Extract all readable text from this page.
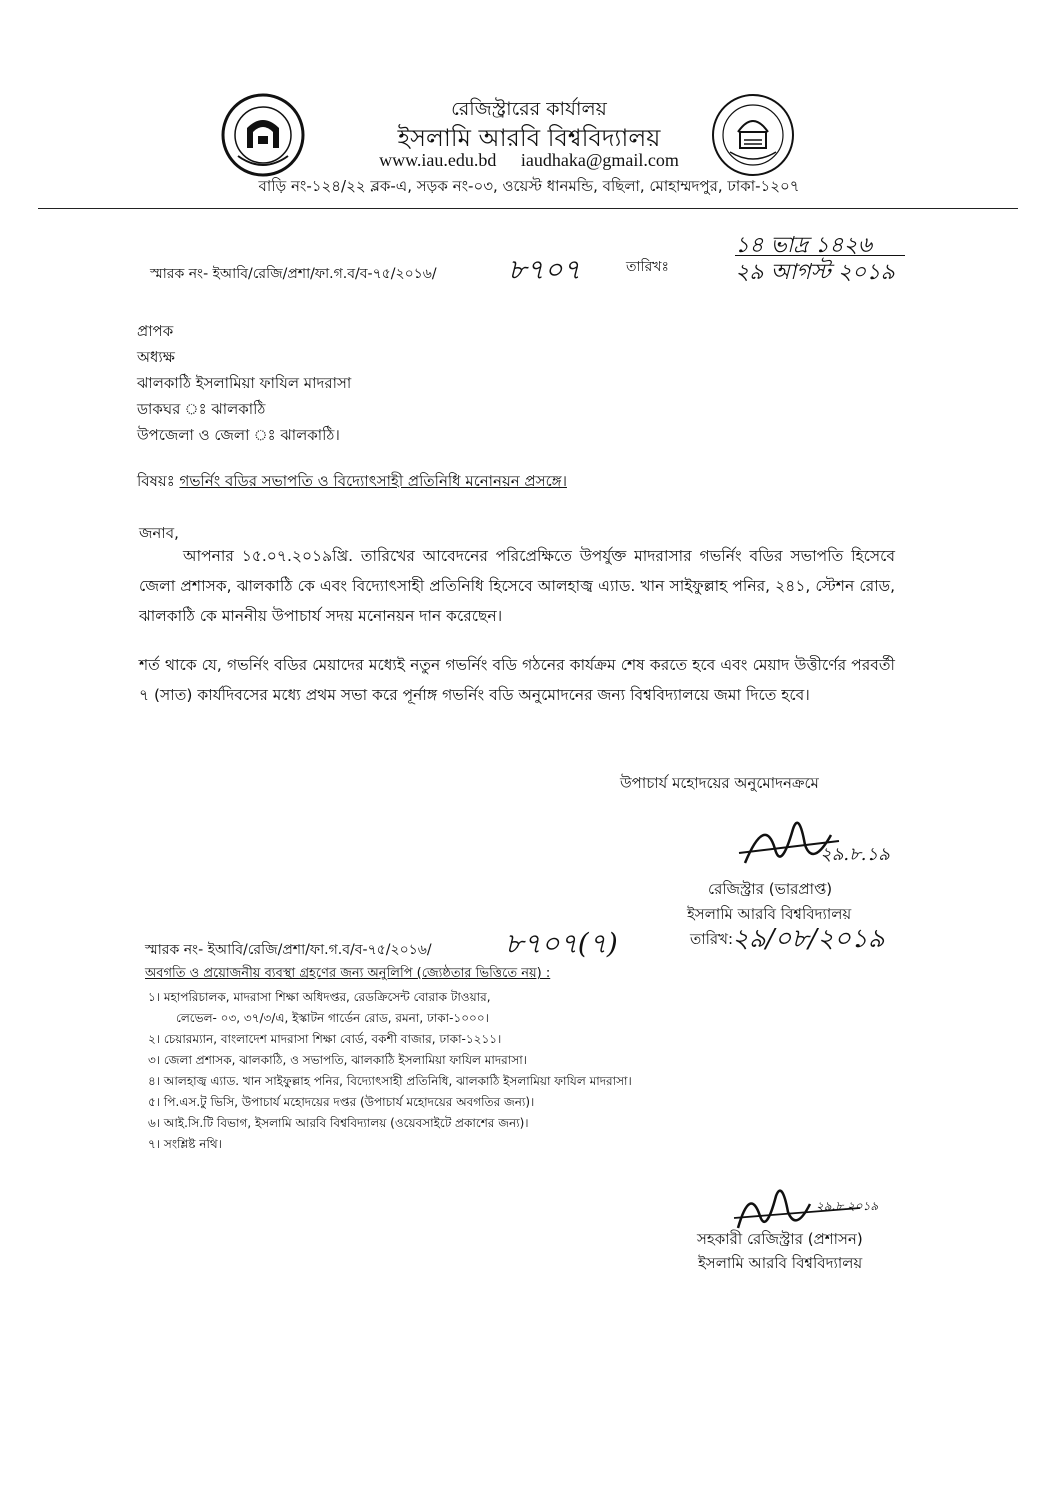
রেজিস্ট্রারের কার্যালয়
ইসলামি আরবি বিশ্ববিদ্যালয়
www.iau.edu.bd iaudhaka@gmail.com
বাড়ি নং-১২৪/২২ ব্লক-এ, সড়ক নং-০৩, ওয়েস্ট ধানমন্ডি, বছিলা, মোহাম্মদপুর, ঢাকা-১২০৭
স্মারক নং- ইআবি/রেজি/প্রশা/ফা.গ.ব/ব-৭৫/২০১৬/	৮৭০৭	তারিখঃ
১৪ ভাদ্র ১৪২৬
২৯ আগস্ট ২০১৯
প্রাপক
অধ্যক্ষ
ঝালকাঠি ইসলামিয়া ফাযিল মাদরাসা
ডাকঘর ঃ ঝালকাঠি
উপজেলা ও জেলা ঃ ঝালকাঠি।
বিষয়ঃ গভর্নিং বডির সভাপতি ও বিদ্যোৎসাহী প্রতিনিধি মনোনয়ন প্রসঙ্গে।
জনাব,
আপনার ১৫.০৭.২০১৯খ্রি. তারিখের আবেদনের পরিপ্রেক্ষিতে উপর্যুক্ত মাদরাসার গভর্নিং বডির সভাপতি হিসেবে জেলা প্রশাসক, ঝালকাঠি কে এবং বিদ্যোৎসাহী প্রতিনিধি হিসেবে আলহাজ্ব এ্যাড. খান সাইফুল্লাহ পনির, ২৪১, স্টেশন রোড, ঝালকাঠি কে মাননীয় উপাচার্য সদয় মনোনয়ন দান করেছেন।
শর্ত থাকে যে, গভর্নিং বডির মেয়াদের মধ্যেই নতুন গভর্নিং বডি গঠনের কার্যক্রম শেষ করতে হবে এবং মেয়াদ উত্তীর্ণের পরবর্তী ৭ (সাত) কার্যদিবসের মধ্যে প্রথম সভা করে পূর্নাঙ্গ গভর্নিং বডি অনুমোদনের জন্য বিশ্ববিদ্যালয়ে জমা দিতে হবে।
উপাচার্য মহোদয়ের অনুমোদনক্রমে
২৯.৮.১৯
রেজিস্ট্রার (ভারপ্রাপ্ত)
ইসলামি আরবি বিশ্ববিদ্যালয়
তারিখ:
২৯/০৮/২০১৯
স্মারক নং- ইআবি/রেজি/প্রশা/ফা.গ.ব/ব-৭৫/২০১৬/	৮৭০৭(৭)
অবগতি ও প্রয়োজনীয় ব্যবস্থা গ্রহণের জন্য অনুলিপি (জ্যেষ্ঠতার ভিত্তিতে নয়) :
১। মহাপরিচালক, মাদরাসা শিক্ষা অধিদপ্তর, রেডক্রিসেন্ট বোরাক টাওয়ার,
লেভেল- ০৩, ৩৭/৩/এ, ইস্কাটন গার্ডেন রোড, রমনা, ঢাকা-১০০০।
২। চেয়ারম্যান, বাংলাদেশ মাদরাসা শিক্ষা বোর্ড, বকশী বাজার, ঢাকা-১২১১।
৩। জেলা প্রশাসক, ঝালকাঠি, ও সভাপতি, ঝালকাঠি ইসলামিয়া ফাযিল মাদরাসা।
৪। আলহাজ্ব এ্যাড. খান সাইফুল্লাহ পনির, বিদ্যোৎসাহী প্রতিনিধি, ঝালকাঠি ইসলামিয়া ফাযিল মাদরাসা।
৫। পি.এস.টু ভিসি, উপাচার্য মহোদয়ের দপ্তর (উপাচার্য মহোদয়ের অবগতির জন্য)।
৬। আই.সি.টি বিভাগ, ইসলামি আরবি বিশ্ববিদ্যালয় (ওয়েবসাইটে প্রকাশের জন্য)।
৭। সংশ্লিষ্ট নথি।
২৯.৮.২০১৯
সহকারী রেজিস্ট্রার (প্রশাসন)
ইসলামি আরবি বিশ্ববিদ্যালয়
